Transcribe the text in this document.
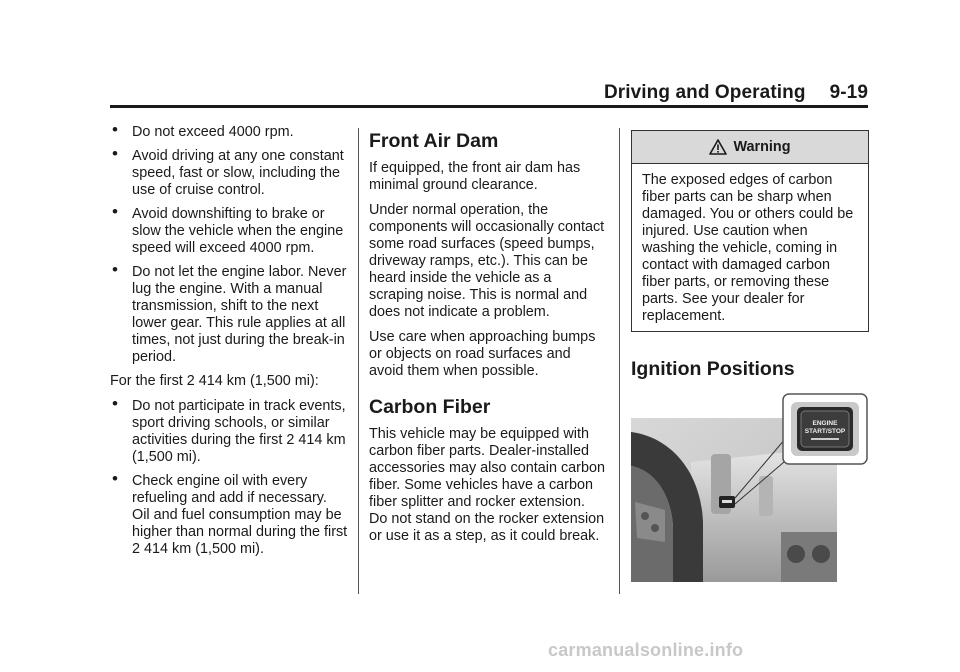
Driving and Operating 9-19
• Do not exceed 4000 rpm.
• Avoid driving at any one constant speed, fast or slow, including the use of cruise control.
• Avoid downshifting to brake or slow the vehicle when the engine speed will exceed 4000 rpm.
• Do not let the engine labor. Never lug the engine. With a manual transmission, shift to the next lower gear. This rule applies at all times, not just during the break-in period.

For the first 2 414 km (1,500 mi):

• Do not participate in track events, sport driving schools, or similar activities during the first 2 414 km (1,500 mi).
• Check engine oil with every refueling and add if necessary. Oil and fuel consumption may be higher than normal during the first 2 414 km (1,500 mi).
Front Air Dam

If equipped, the front air dam has minimal ground clearance.

Under normal operation, the components will occasionally contact some road surfaces (speed bumps, driveway ramps, etc.). This can be heard inside the vehicle as a scraping noise. This is normal and does not indicate a problem.

Use care when approaching bumps or objects on road surfaces and avoid them when possible.

Carbon Fiber

This vehicle may be equipped with carbon fiber parts. Dealer-installed accessories may also contain carbon fiber. Some vehicles have a carbon fiber splitter and rocker extension. Do not stand on the rocker extension or use it as a step, as it could break.

Warning
The exposed edges of carbon fiber parts can be sharp when damaged. You or others could be injured. Use caution when washing the vehicle, coming in contact with damaged carbon fiber parts, or removing these parts. See your dealer for replacement.
Ignition Positions
ENGINE
START/STOP
carmanualsonline.info
